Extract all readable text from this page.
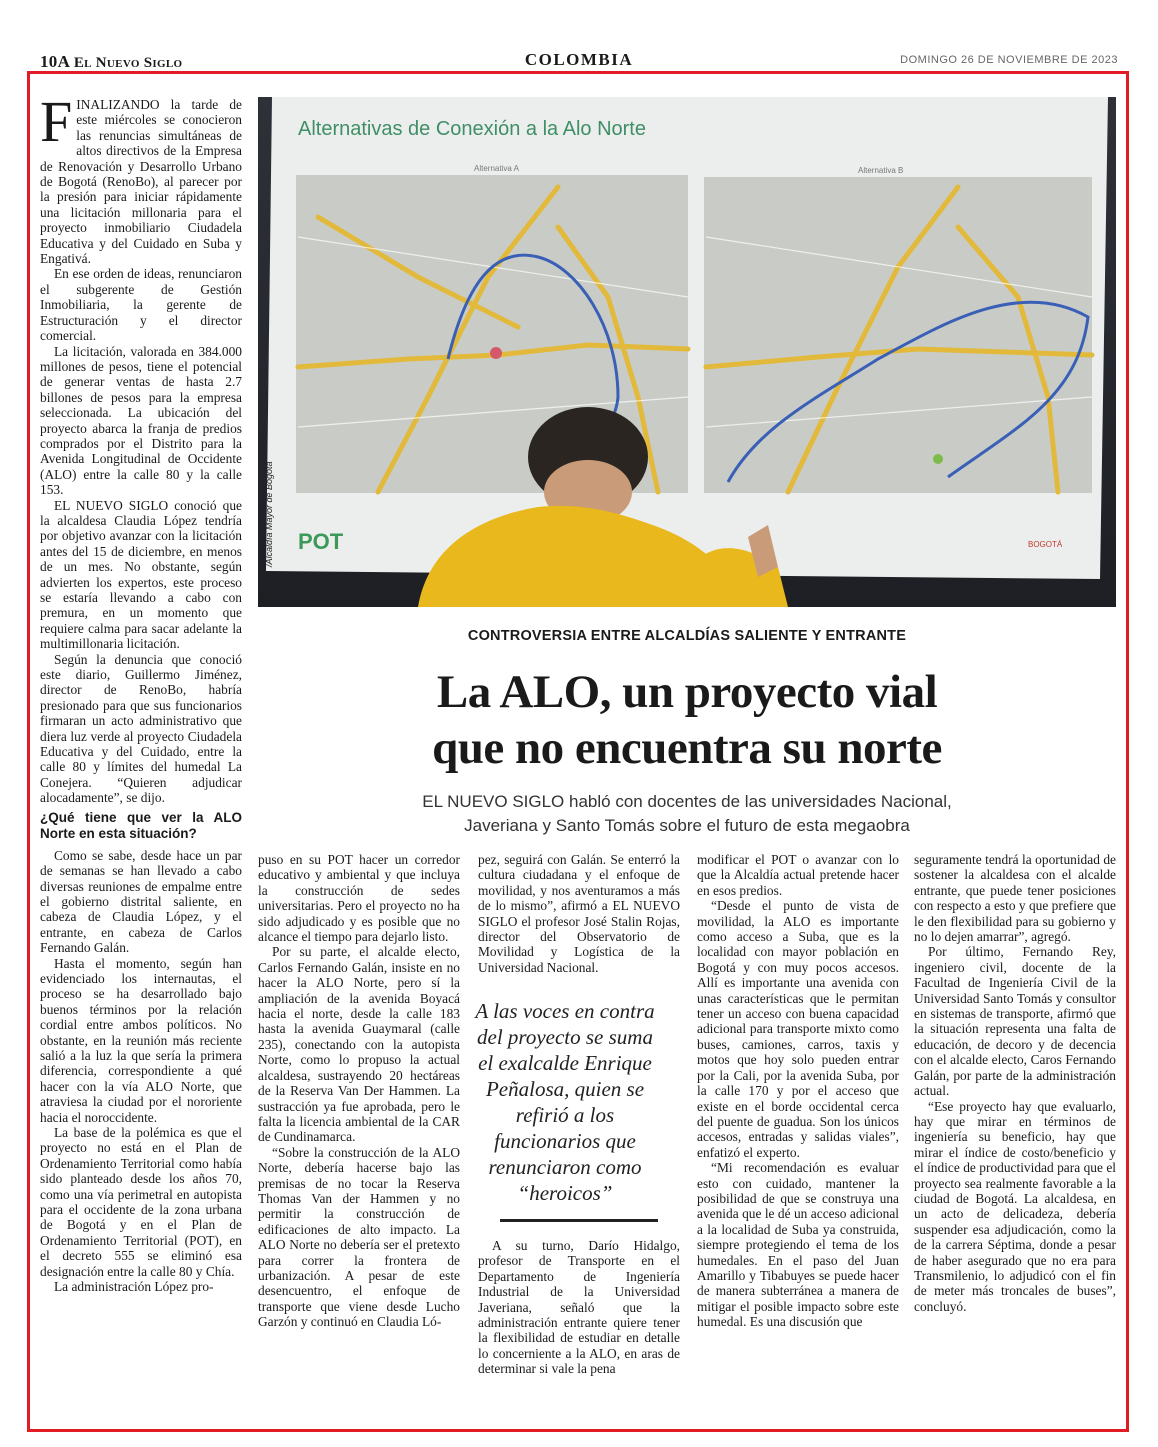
10A El Nuevo Siglo	COLOMBIA	DOMINGO 26 DE NOVIEMBRE DE 2023

FINALIZANDO la tarde de este miércoles se conocieron las renuncias simultáneas de altos directivos de la Empresa de Renovación y Desarrollo Urbano de Bogotá (RenoBo), al parecer por la presión para iniciar rápidamente una licitación millonaria para el proyecto inmobiliario Ciudadela Educativa y del Cuidado en Suba y Engativá.

En ese orden de ideas, renunciaron el subgerente de Gestión Inmobiliaria, la gerente de Estructuración y el director comercial.

La licitación, valorada en 384.000 millones de pesos, tiene el potencial de generar ventas de hasta 2.7 billones de pesos para la empresa seleccionada. La ubicación del proyecto abarca la franja de predios comprados por el Distrito para la Avenida Longitudinal de Occidente (ALO) entre la calle 80 y la calle 153.

EL NUEVO SIGLO conoció que la alcaldesa Claudia López tendría por objetivo avanzar con la licitación antes del 15 de diciembre, en menos de un mes. No obstante, según advierten los expertos, este proceso se estaría llevando a cabo con premura, en un momento que requiere calma para sacar adelante la multimillonaria licitación.

Según la denuncia que conoció este diario, Guillermo Jiménez, director de RenoBo, habría presionado para que sus funcionarios firmaran un acto administrativo que diera luz verde al proyecto Ciudadela Educativa y del Cuidado, entre la calle 80 y límites del humedal La Conejera. “Quieren adjudicar alocadamente”, se dijo.

¿Qué tiene que ver la ALO Norte en esta situación?

Como se sabe, desde hace un par de semanas se han llevado a cabo diversas reuniones de empalme entre el gobierno distrital saliente, en cabeza de Claudia López, y el entrante, en cabeza de Carlos Fernando Galán.

Hasta el momento, según han evidenciado los internautas, el proceso se ha desarrollado bajo buenos términos por la relación cordial entre ambos políticos. No obstante, en la reunión más reciente salió a la luz la que sería la primera diferencia, correspondiente a qué hacer con la vía ALO Norte, que atraviesa la ciudad por el nororiente hacia el noroccidente.

La base de la polémica es que el proyecto no está en el Plan de Ordenamiento Territorial como había sido planteado desde los años 70, como una vía perimetral en autopista para el occidente de la zona urbana de Bogotá y en el Plan de Ordenamiento Territorial (POT), en el decreto 555 se eliminó esa designación entre la calle 80 y Chía.

La administración López pro-

Alternativas de Conexión a la Alo Norte
Alternativa A	Alternativa B
POT	BOGOTÁ
/Alcaldía Mayor de Bogotá
CONTROVERSIA ENTRE ALCALDÍAS SALIENTE Y ENTRANTE
La ALO, un proyecto vial
que no encuentra su norte
EL NUEVO SIGLO habló con docentes de las universidades Nacional,
Javeriana y Santo Tomás sobre el futuro de esta megaobra

puso en su POT hacer un corredor educativo y ambiental y que incluya la construcción de sedes universitarias. Pero el proyecto no ha sido adjudicado y es posible que no alcance el tiempo para dejarlo listo.

Por su parte, el alcalde electo, Carlos Fernando Galán, insiste en no hacer la ALO Norte, pero sí la ampliación de la avenida Boyacá hacia el norte, desde la calle 183 hasta la avenida Guaymaral (calle 235), conectando con la autopista Norte, como lo propuso la actual alcaldesa, sustrayendo 20 hectáreas de la Reserva Van Der Hammen. La sustracción ya fue aprobada, pero le falta la licencia ambiental de la CAR de Cundinamarca.

“Sobre la construcción de la ALO Norte, debería hacerse bajo las premisas de no tocar la Reserva Thomas Van der Hammen y no permitir la construcción de edificaciones de alto impacto. La ALO Norte no debería ser el pretexto para correr la frontera de urbanización. A pesar de este desencuentro, el enfoque de transporte que viene desde Lucho Garzón y continuó en Claudia Ló-

pez, seguirá con Galán. Se enterró la cultura ciudadana y el enfoque de movilidad, y nos aventuramos a más de lo mismo”, afirmó a EL NUEVO SIGLO el profesor José Stalin Rojas, director del Observatorio de Movilidad y Logística de la Universidad Nacional.

A las voces en contra del proyecto se suma el exalcalde Enrique Peñalosa, quien se refirió a los funcionarios que renunciaron como “heroicos”

A su turno, Darío Hidalgo, profesor de Transporte en el Departamento de Ingeniería Industrial de la Universidad Javeriana, señaló que la administración entrante quiere tener la flexibilidad de estudiar en detalle lo concerniente a la ALO, en aras de determinar si vale la pena

modificar el POT o avanzar con lo que la Alcaldía actual pretende hacer en esos predios.

“Desde el punto de vista de movilidad, la ALO es importante como acceso a Suba, que es la localidad con mayor población en Bogotá y con muy pocos accesos. Allí es importante una avenida con unas características que le permitan tener un acceso con buena capacidad adicional para transporte mixto como buses, camiones, carros, taxis y motos que hoy solo pueden entrar por la Cali, por la avenida Suba, por la calle 170 y por el acceso que existe en el borde occidental cerca del puente de guadua. Son los únicos accesos, entradas y salidas viales”, enfatizó el experto.

“Mi recomendación es evaluar esto con cuidado, mantener la posibilidad de que se construya una avenida que le dé un acceso adicional a la localidad de Suba ya construida, siempre protegiendo el tema de los humedales. En el paso del Juan Amarillo y Tibabuyes se puede hacer de manera subterránea a manera de mitigar el posible impacto sobre este humedal. Es una discusión que

seguramente tendrá la oportunidad de sostener la alcaldesa con el alcalde entrante, que puede tener posiciones con respecto a esto y que prefiere que le den flexibilidad para su gobierno y no lo dejen amarrar”, agregó.

Por último, Fernando Rey, ingeniero civil, docente de la Facultad de Ingeniería Civil de la Universidad Santo Tomás y consultor en sistemas de transporte, afirmó que la situación representa una falta de educación, de decoro y de decencia con el alcalde electo, Caros Fernando Galán, por parte de la administración actual.

“Ese proyecto hay que evaluarlo, hay que mirar en términos de ingeniería su beneficio, hay que mirar el índice de costo/beneficio y el índice de productividad para que el proyecto sea realmente favorable a la ciudad de Bogotá. La alcaldesa, en un acto de delicadeza, debería suspender esa adjudicación, como la de la carrera Séptima, donde a pesar de haber asegurado que no era para Transmilenio, lo adjudicó con el fin de meter más troncales de buses”, concluyó.
